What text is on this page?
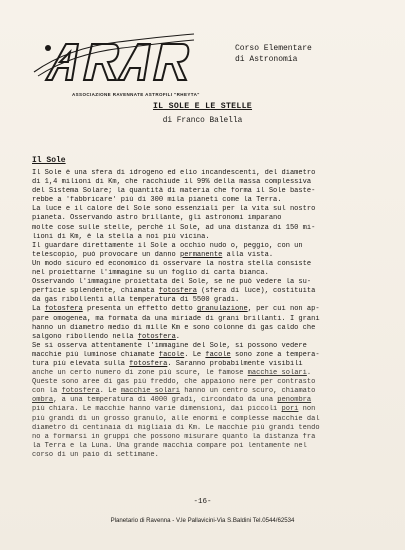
ASSOCIAZIONE RAVENNATE ASTROFILI "RHEYTA"
Corso Elementare
di Astronomia
IL SOLE E LE STELLE
di Franco Balella
Il Sole
Il Sole è una sfera di idrogeno ed elio incandescenti, del diametro
di 1,4 milioni di Km, che racchiude il 99% della massa complessiva
del Sistema Solare; la quantità di materia che forma il Sole baste-
rebbe a 'fabbricare' più di 300 mila pianeti come la Terra.
La luce e il calore del Sole sono essenziali per la vita sul nostro
pianeta. Osservando astro brillante, gli astronomi imparano
molte cose sulle stelle, perchè il Sole, ad una distanza di 150 mi-
lioni di Km, è la stella a noi più vicina.
Il guardare direttamente il Sole a occhio nudo o, peggio, con un
telescopio, può provocare un danno permanente alla vista.
Un modo sicuro ed economico di osservare la nostra stella consiste
nel proiettarne l'immagine su un foglio di carta bianca.
Osservando l'immagine proiettata del Sole, se ne può vedere la su-
perficie splendente, chiamata fotosfera (sfera di luce), costituita
da gas ribollenti alla temperatura di 5500 gradi.
La fotosfera presenta un effetto detto granulazione, per cui non ap-
pare omogenea, ma formata da una miriade di grani brillanti. I grani
hanno un diametro medio di mille Km e sono colonne di gas caldo che
salgono ribollendo nella fotosfera.
Se si osserva attentamente l'immagine del Sole, si possono vedere
macchie più luminose chiamate facole. Le facole sono zone a tempera-
tura più elevata sulla fotosfera. Saranno probabilmente visibili
anche un certo numero di zone più scure, le famose macchie solari.
Queste sono aree di gas più freddo, che appaiono nere per contrasto
con la fotosfera. Le macchie solari hanno un centro scuro, chiamato
ombra, a una temperatura di 4000 gradi, circondato da una penombra
più chiara. Le macchie hanno varie dimensioni, dai piccoli pori non
più grandi di un grosso granulo, alle enormi e complesse macchie dal
diametro di centinaia di migliaia di Km. Le macchie più grandi tendo
no a formarsi in gruppi che possono misurare quanto la distanza fra
la Terra e la Luna. Una grande macchia compare poi lentamente nel
corso di un paio di settimane.
-16-
Planetario di Ravenna - V.le Pallavicini-Via S.Baldini Tel.0544/62534
